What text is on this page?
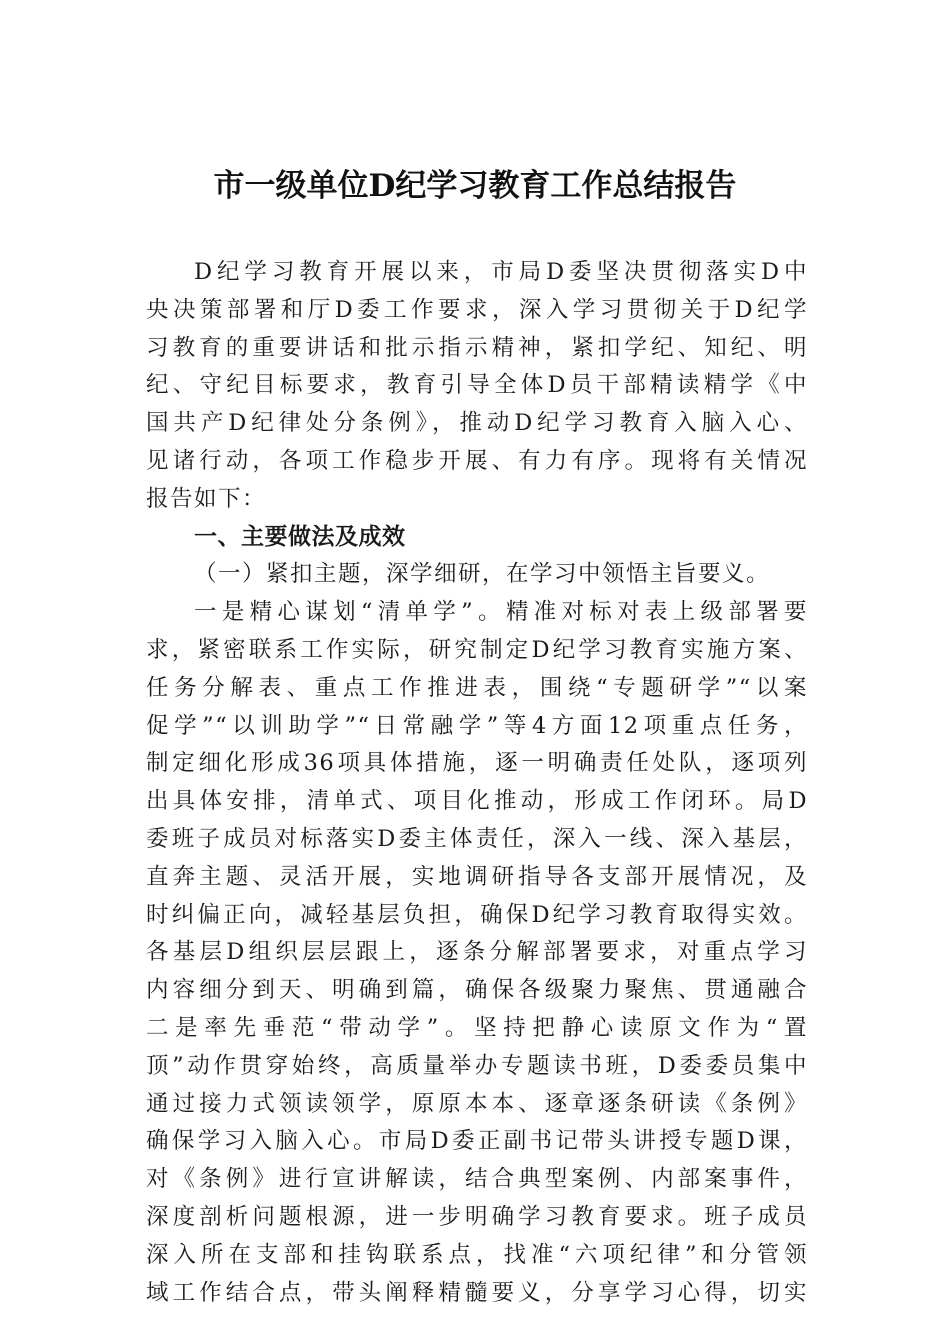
市一级单位D纪学习教育工作总结报告
D纪学习教育开展以来，市局D委坚决贯彻落实D中
央决策部署和厅D委工作要求，深入学习贯彻关于D纪学
习教育的重要讲话和批示指示精神，紧扣学纪、知纪、明
纪、守纪目标要求，教育引导全体D员干部精读精学《中
国共产D纪律处分条例》，推动D纪学习教育入脑入心、
见诸行动，各项工作稳步开展、有力有序。现将有关情况
报告如下：
一、主要做法及成效
（一）紧扣主题，深学细研，在学习中领悟主旨要义。
一是精心谋划“清单学”。精准对标对表上级部署要
求，紧密联系工作实际，研究制定D纪学习教育实施方案、
任务分解表、重点工作推进表，围绕“专题研学”“以案
促学”“以训助学”“日常融学”等4方面12项重点任务，
制定细化形成36项具体措施，逐一明确责任处队，逐项列
出具体安排，清单式、项目化推动，形成工作闭环。局D
委班子成员对标落实D委主体责任，深入一线、深入基层，
直奔主题、灵活开展，实地调研指导各支部开展情况，及
时纠偏正向，减轻基层负担，确保D纪学习教育取得实效。
各基层D组织层层跟上，逐条分解部署要求，对重点学习
内容细分到天、明确到篇，确保各级聚力聚焦、贯通融合
二是率先垂范“带动学”。坚持把静心读原文作为“置
顶”动作贯穿始终，高质量举办专题读书班，D委委员集中
通过接力式领读领学，原原本本、逐章逐条研读《条例》
确保学习入脑入心。市局D委正副书记带头讲授专题D课，
对《条例》进行宣讲解读，结合典型案例、内部案事件，
深度剖析问题根源，进一步明确学习教育要求。班子成员
深入所在支部和挂钩联系点，找准“六项纪律”和分管领
域工作结合点，带头阐释精髓要义，分享学习心得，切实
